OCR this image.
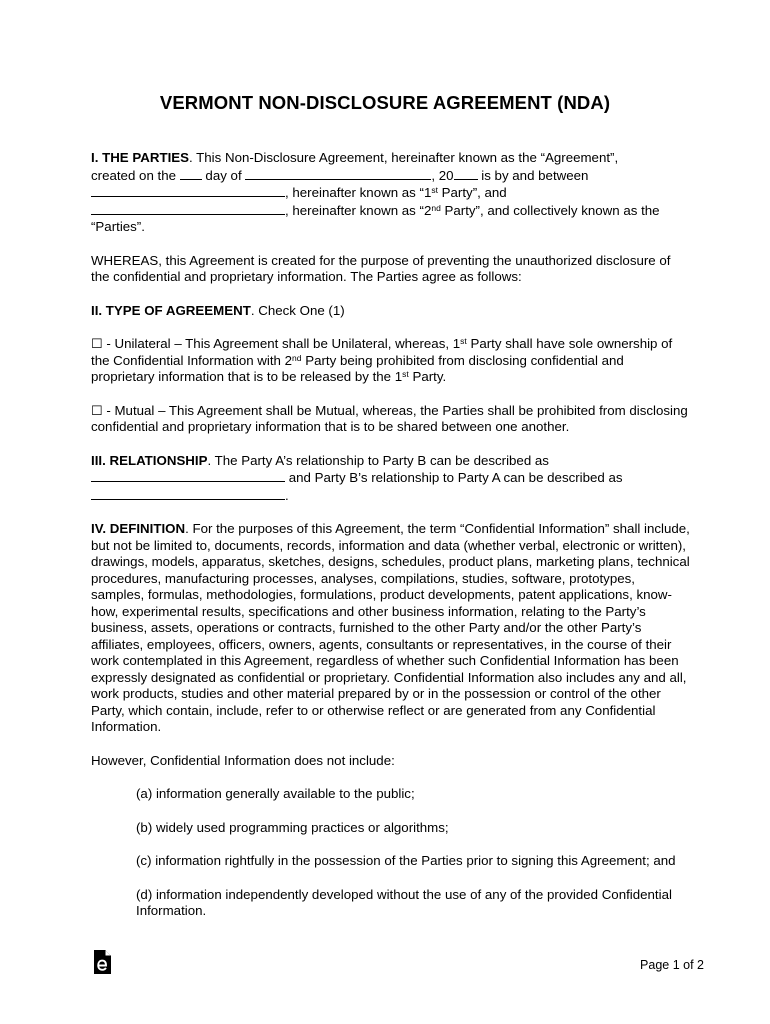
VERMONT NON-DISCLOSURE AGREEMENT (NDA)

I. THE PARTIES. This Non-Disclosure Agreement, hereinafter known as the “Agreement”,
created on the day of	, 20 is by and between
, hereinafter known as “1st Party”, and
, hereinafter known as “2nd Party”, and collectively known as the
“Parties”.

WHEREAS, this Agreement is created for the purpose of preventing the unauthorized disclosure of the confidential and proprietary information. The Parties agree as follows:

II. TYPE OF AGREEMENT. Check One (1)

☐ - Unilateral – This Agreement shall be Unilateral, whereas, 1st Party shall have sole ownership of the Confidential Information with 2nd Party being prohibited from disclosing confidential and proprietary information that is to be released by the 1st Party.

☐ - Mutual – This Agreement shall be Mutual, whereas, the Parties shall be prohibited from disclosing confidential and proprietary information that is to be shared between one another.

III. RELATIONSHIP. The Party A’s relationship to Party B can be described as
and Party B’s relationship to Party A can be described as
.

IV. DEFINITION. For the purposes of this Agreement, the term “Confidential Information” shall include, but not be limited to, documents, records, information and data (whether verbal, electronic or written), drawings, models, apparatus, sketches, designs, schedules, product plans, marketing plans, technical procedures, manufacturing processes, analyses, compilations, studies, software, prototypes, samples, formulas, methodologies, formulations, product developments, patent applications, know-how, experimental results, specifications and other business information, relating to the Party’s business, assets, operations or contracts, furnished to the other Party and/or the other Party’s affiliates, employees, officers, owners, agents, consultants or representatives, in the course of their work contemplated in this Agreement, regardless of whether such Confidential Information has been expressly designated as confidential or proprietary. Confidential Information also includes any and all, work products, studies and other material prepared by or in the possession or control of the other Party, which contain, include, refer to or otherwise reflect or are generated from any Confidential Information.

However, Confidential Information does not include:

(a) information generally available to the public;

(b) widely used programming practices or algorithms;

(c) information rightfully in the possession of the Parties prior to signing this Agreement; and

(d) information independently developed without the use of any of the provided Confidential Information.

Page 1 of 2
